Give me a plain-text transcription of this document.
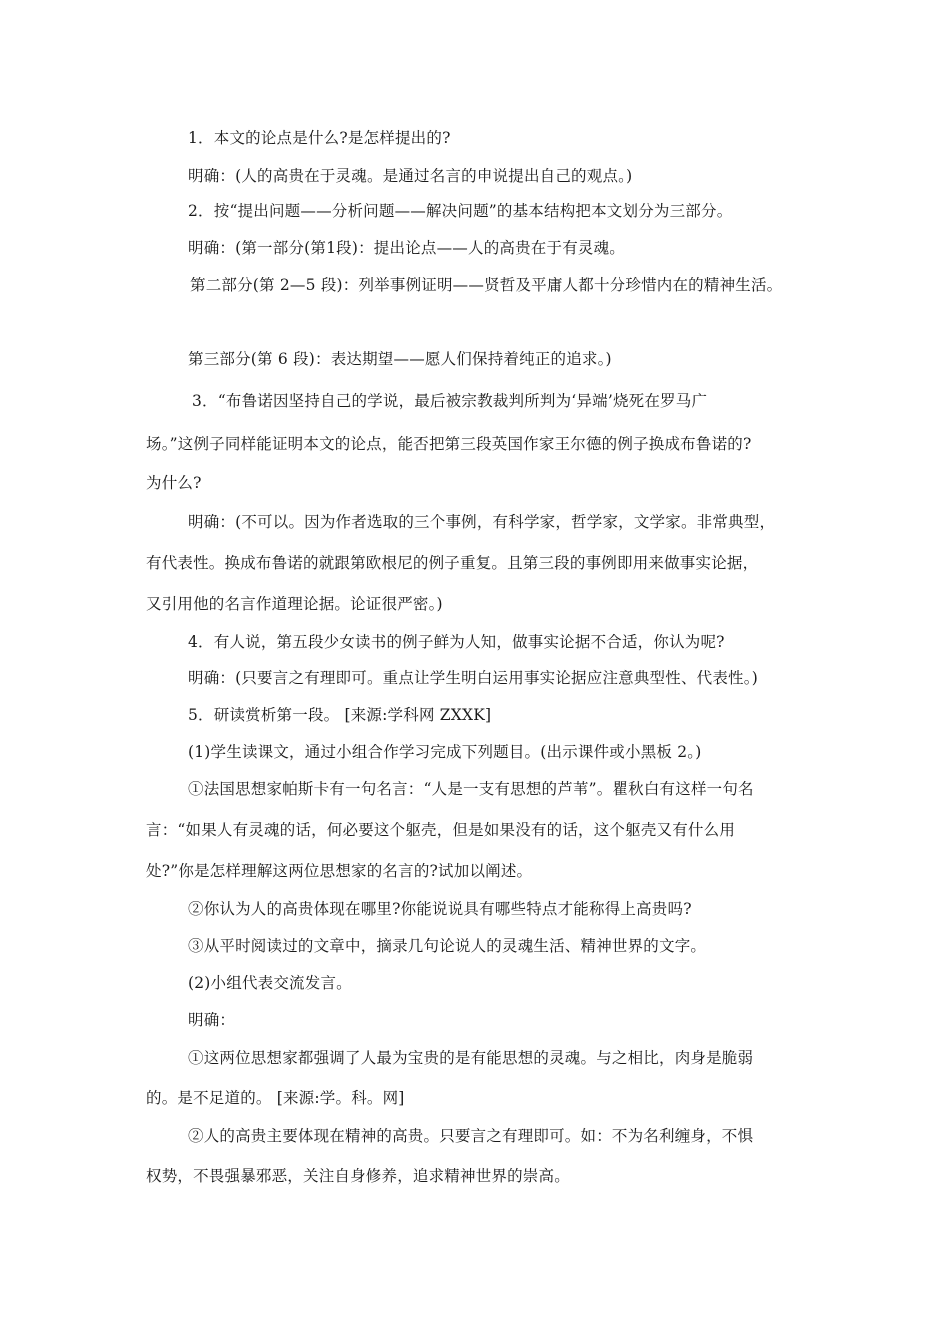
1．本文的论点是什么?是怎样提出的?
明确：(人的高贵在于灵魂。是通过名言的申说提出自己的观点。)
2．按“提出问题——分析问题——解决问题”的基本结构把本文划分为三部分。
明确：(第一部分(第1段)：提出论点——人的高贵在于有灵魂。
第二部分(第 2—5 段)：列举事例证明——贤哲及平庸人都十分珍惜内在的精神生活。
第三部分(第 6 段)：表达期望——愿人们保持着纯正的追求。)
3．“布鲁诺因坚持自己的学说，最后被宗教裁判所判为‘异端’烧死在罗马广
场。”这例子同样能证明本文的论点，能否把第三段英国作家王尔德的例子换成布鲁诺的?
为什么?
明确：(不可以。因为作者选取的三个事例，有科学家，哲学家，文学家。非常典型，
有代表性。换成布鲁诺的就跟第欧根尼的例子重复。且第三段的事例即用来做事实论据，
又引用他的名言作道理论据。论证很严密。)
4．有人说，第五段少女读书的例子鲜为人知，做事实论据不合适，你认为呢?
明确：(只要言之有理即可。重点让学生明白运用事实论据应注意典型性、代表性。)
5．研读赏析第一段。 [来源:学科网 ZXXK]
(1)学生读课文，通过小组合作学习完成下列题目。(出示课件或小黑板 2。)
①法国思想家帕斯卡有一句名言：“人是一支有思想的芦苇”。瞿秋白有这样一句名
言：“如果人有灵魂的话，何必要这个躯壳，但是如果没有的话，这个躯壳又有什么用
处?”你是怎样理解这两位思想家的名言的?试加以阐述。
②你认为人的高贵体现在哪里?你能说说具有哪些特点才能称得上高贵吗?
③从平时阅读过的文章中，摘录几句论说人的灵魂生活、精神世界的文字。
(2)小组代表交流发言。
明确：
①这两位思想家都强调了人最为宝贵的是有能思想的灵魂。与之相比，肉身是脆弱
的。是不足道的。 [来源:学。科。网]
②人的高贵主要体现在精神的高贵。只要言之有理即可。如：不为名利缠身，不惧
权势，不畏强暴邪恶，关注自身修养，追求精神世界的崇高。
